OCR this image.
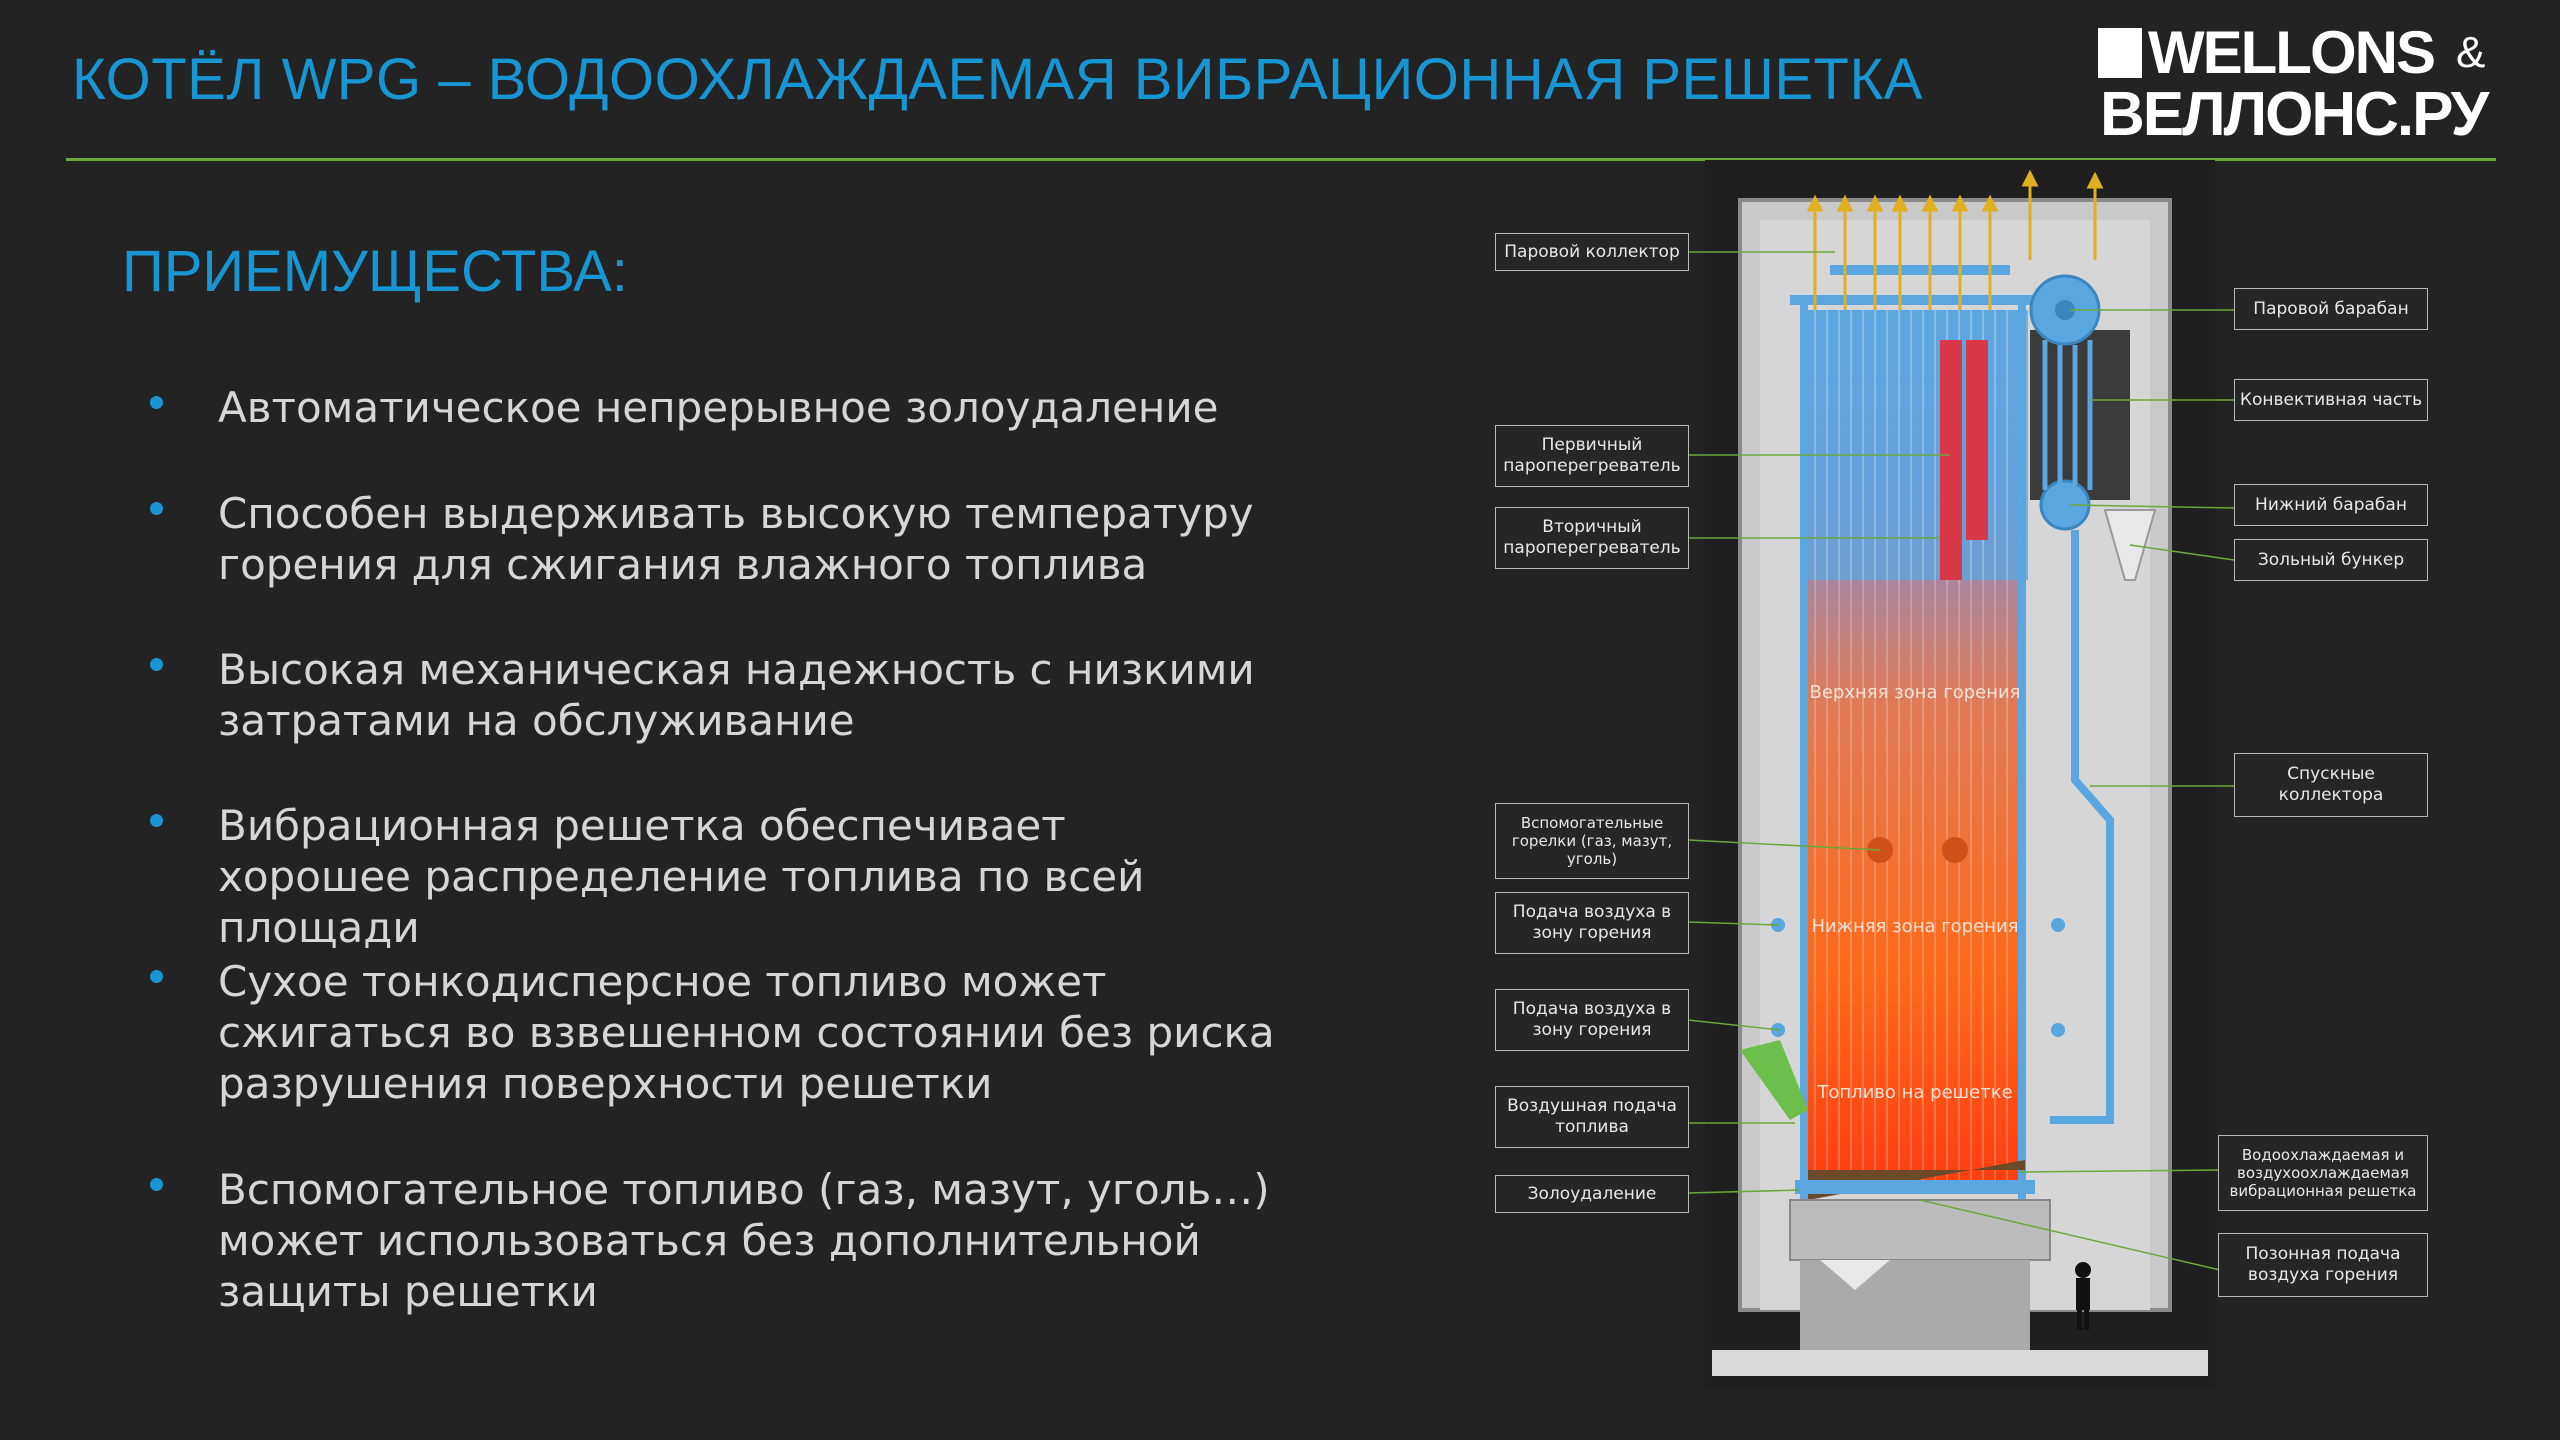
КОТЁЛ WPG – ВОДООХЛАЖДАЕМАЯ ВИБРАЦИОННАЯ РЕШЕТКА	WELLONS &
ВЕЛЛОНС.РУ
ПРИЕМУЩЕСТВА:
Автоматическое непрерывное золоудаление
Способен выдерживать высокую температуру горения для сжигания влажного топлива
Высокая механическая надежность с низкими затратами на обслуживание
Вибрационная решетка обеспечивает хорошее распределение топлива по всей площади
Сухое тонкодисперсное топливо может сжигаться во взвешенном состоянии без риска разрушения поверхности решетки
Вспомогательное топливо (газ, мазут, уголь…) может использоваться без дополнительной защиты решетки
Паровой коллектор
Первичный пароперегреватель
Вторичный пароперегреватель
Вспомогательные горелки (газ, мазут, уголь)
Подача воздуха в зону горения
Подача воздуха в зону горения
Воздушная подача топлива
Золоудаление
Паровой барабан
Конвективная часть
Нижний барабан
Зольный бункер
Спускные коллектора
Водоохлаждаемая и воздухоохлаждаемая вибрационная решетка
Позонная подача воздуха горения
Верхняя зона горения
Нижняя зона горения
Топливо на решетке
